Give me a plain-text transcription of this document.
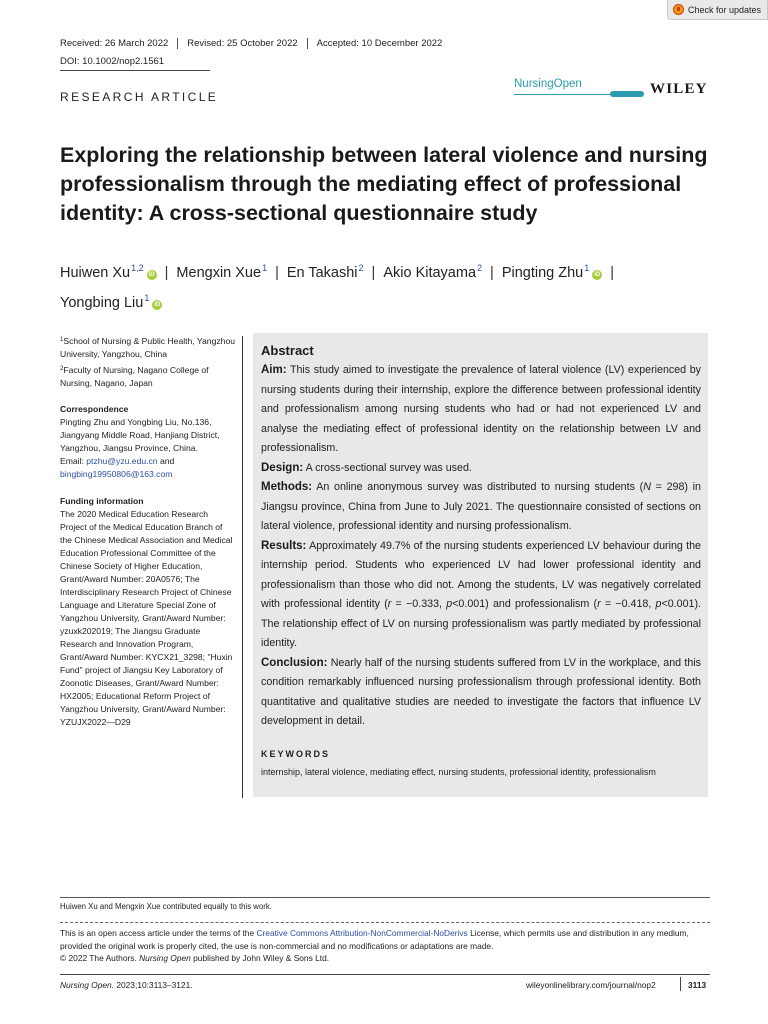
Check for updates
Received: 26 March 2022	Revised: 25 October 2022	Accepted: 10 December 2022
DOI: 10.1002/nop2.1561
RESEARCH ARTICLE
NursingOpen	WILEY
Exploring the relationship between lateral violence and nursing professionalism through the mediating effect of professional identity: A cross-sectional questionnaire study
Huiwen Xu$^{1,2}$iD | Mengxin Xue$^1$ | En Takashi$^2$ | Akio Kitayama$^2$ | Pingting Zhu$^1$iD |
Yongbing Liu$^1$iD
$^1$School of Nursing & Public Health, Yangzhou University, Yangzhou, China
$^2$Faculty of Nursing, Nagano College of Nursing, Nagano, Japan
Correspondence
Pingting Zhu and Yongbing Liu, No.136, Jiangyang Middle Road, Hanjiang District, Yangzhou, Jiangsu Province, China.
Email: ptzhu@yzu.edu.cn and
bingbing19950806@163.com
Funding information
The 2020 Medical Education Research Project of the Medical Education Branch of the Chinese Medical Association and Medical Education Professional Committee of the Chinese Society of Higher Education, Grant/Award Number: 20A0576; The Interdisciplinary Research Project of Chinese Language and Literature Special Zone of Yangzhou University, Grant/Award Number: yzuxk202019; The Jiangsu Graduate Research and Innovation Program, Grant/Award Number: KYCX21_3298; "Huxin Fund" project of Jiangsu Key Laboratory of Zoonotic Diseases, Grant/Award Number: HX2005; Educational Reform Project of Yangzhou University, Grant/Award Number: YZUJX2022—D29
Abstract

Aim: This study aimed to investigate the prevalence of lateral violence (LV) experienced by nursing students during their internship, explore the difference between professional identity and professionalism among nursing students who had or had not experienced LV and analyse the mediating effect of professional identity on the relationship between LV and professionalism.

Design: A cross-sectional survey was used.

Methods: An online anonymous survey was distributed to nursing students (N = 298) in Jiangsu province, China from June to July 2021. The questionnaire consisted of sections on lateral violence, professional identity and nursing professionalism.

Results: Approximately 49.7% of the nursing students experienced LV behaviour during the internship period. Students who experienced LV had lower professional identity and professionalism than those who did not. Among the students, LV was negatively correlated with professional identity (r = −0.333, p<0.001) and professionalism (r = −0.418, p<0.001). The relationship effect of LV on nursing professionalism was partly mediated by professional identity.

Conclusion: Nearly half of the nursing students suffered from LV in the workplace, and this condition remarkably influenced nursing professionalism through professional identity. Both quantitative and qualitative studies are needed to investigate the factors that influence LV development in detail.

KEYWORDS
internship, lateral violence, mediating effect, nursing students, professional identity, professionalism
Huiwen Xu and Mengxin Xue contributed equally to this work.
This is an open access article under the terms of the Creative Commons Attribution-NonCommercial-NoDerivs License, which permits use and distribution in any medium, provided the original work is properly cited, the use is non-commercial and no modifications or adaptations are made.
© 2022 The Authors. Nursing Open published by John Wiley & Sons Ltd.
Nursing Open. 2023;10:3113–3121.	wileyonlinelibrary.com/journal/nop2	3113
